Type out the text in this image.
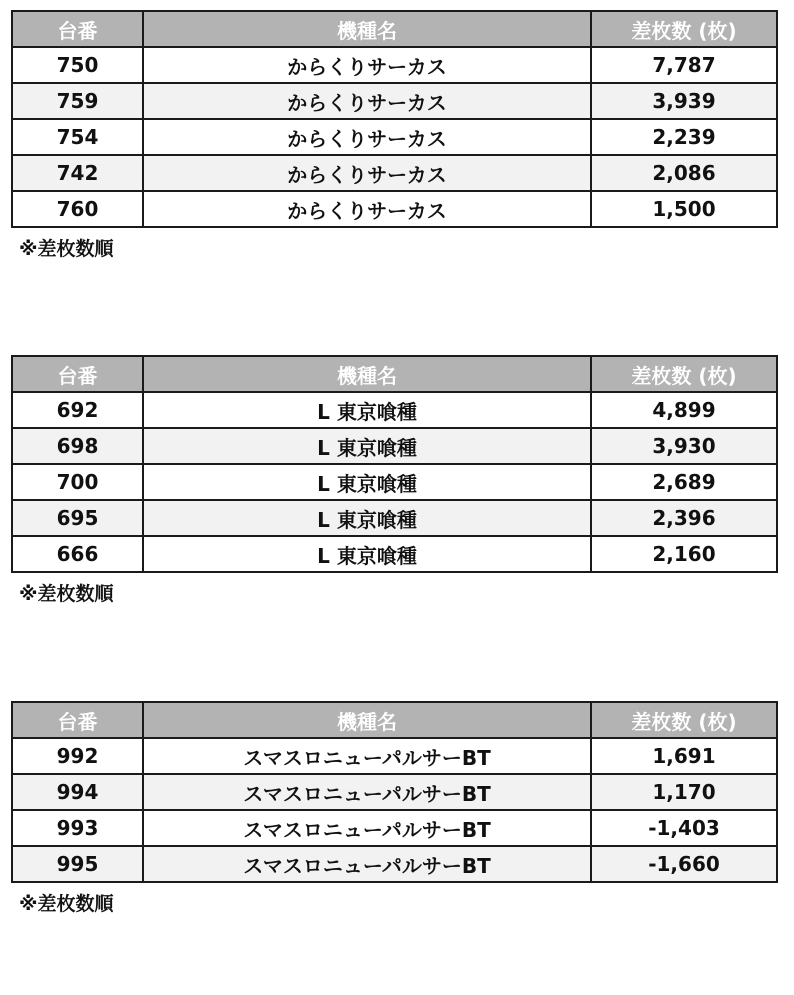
台番	機種名	差枚数 (枚)
750	からくりサーカス	7,787
759	からくりサーカス	3,939
754	からくりサーカス	2,239
742	からくりサーカス	2,086
760	からくりサーカス	1,500
※差枚数順
台番	機種名	差枚数 (枚)
692	L 東京喰種	4,899
698	L 東京喰種	3,930
700	L 東京喰種	2,689
695	L 東京喰種	2,396
666	L 東京喰種	2,160
※差枚数順
台番	機種名	差枚数 (枚)
992	スマスロニューパルサーBT	1,691
994	スマスロニューパルサーBT	1,170
993	スマスロニューパルサーBT	-1,403
995	スマスロニューパルサーBT	-1,660
※差枚数順
